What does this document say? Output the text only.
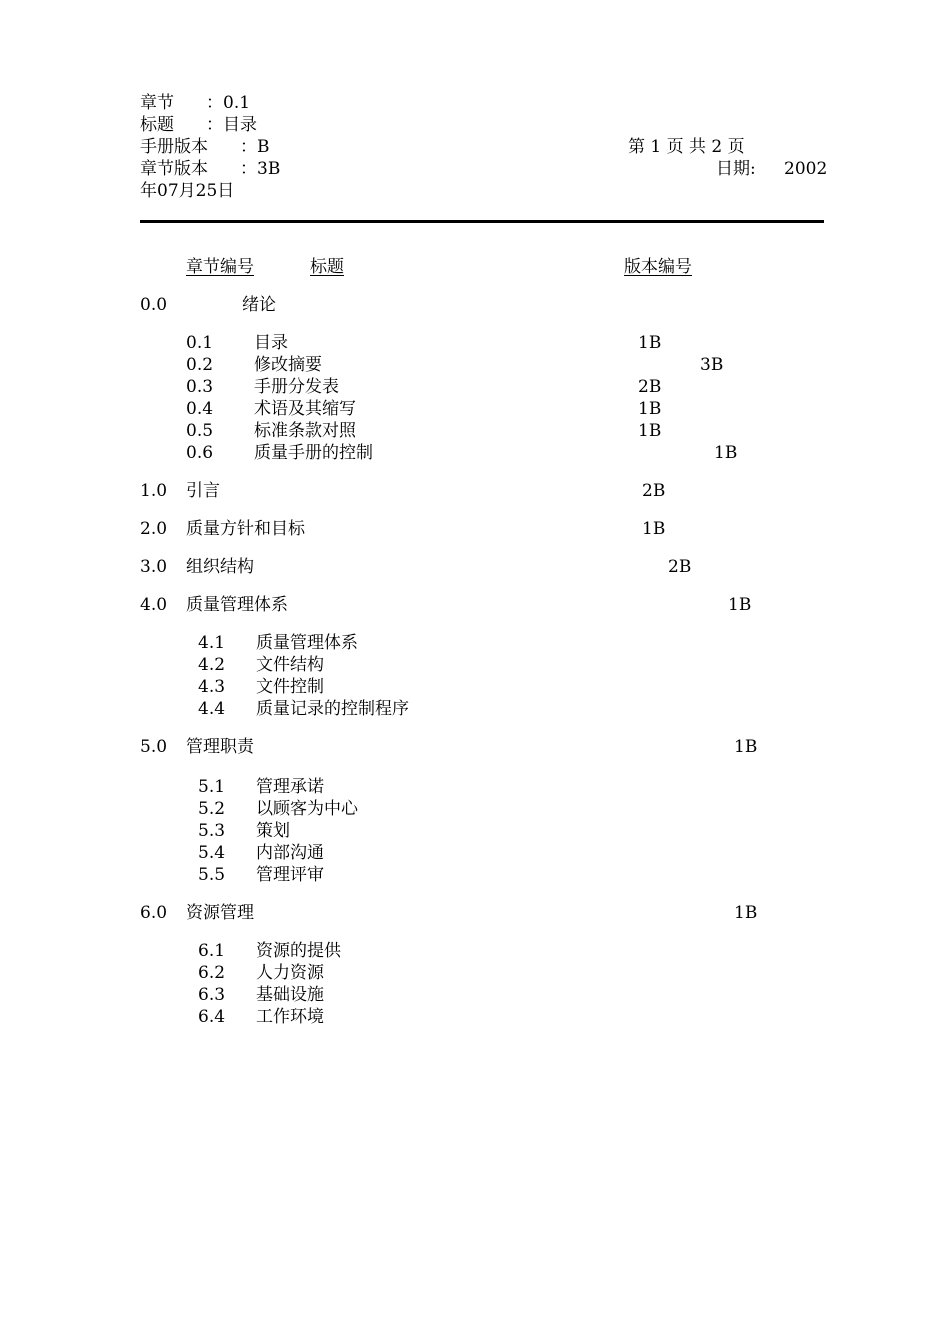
章节 ：0.1
标题 ：目录
手册版本 ：B	第 1 页 共 2 页
章节版本 ：3B	日期: 2002
年07月25日
章节编号	标题	版本编号
0.0	绪论
0.1 目录	1B
0.2 修改摘要	3B
0.3 手册分发表	2B
0.4 术语及其缩写	1B
0.5 标准条款对照	1B
0.6 质量手册的控制	1B
1.0 引言	2B
2.0 质量方针和目标	1B
3.0 组织结构	2B
4.0 质量管理体系	1B
4.1 质量管理体系
4.2 文件结构
4.3 文件控制
4.4 质量记录的控制程序
5.0 管理职责	1B
5.1 管理承诺
5.2 以顾客为中心
5.3 策划
5.4 内部沟通
5.5 管理评审
6.0 资源管理	1B
6.1 资源的提供
6.2 人力资源
6.3 基础设施
6.4 工作环境
